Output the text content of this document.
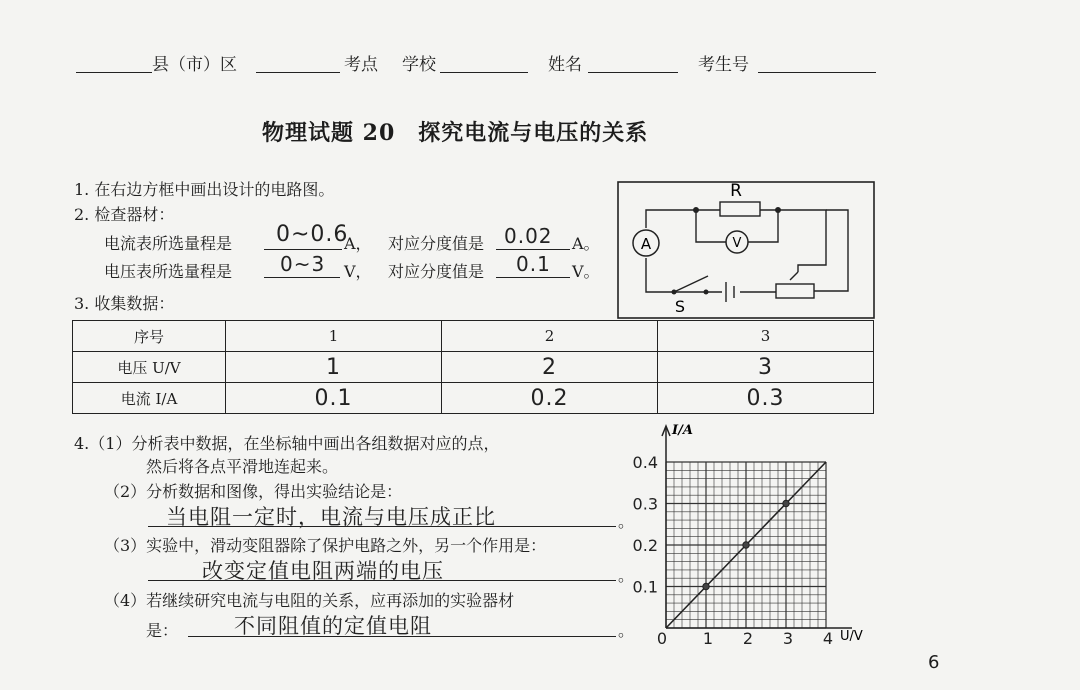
县（市）区	考点 学校	姓名	考生号
物理试题 20　探究电流与电压的关系
1. 在右边方框中画出设计的电路图。
2. 检查器材：
电流表所选量程是 0~0.6
A， 对应分度值是 0.02 A。
电压表所选量程是 0~3 V， 对应分度值是 0.1 V。
A	V
R
S
3. 收集数据：
序号	1	2	3
电压 U/V	1	2	3
电流 I/A	0.1	0.2	0.3
4.（1）分析表中数据，在坐标轴中画出各组数据对应的点，
然后将各点平滑地连起来。
（2）分析数据和图像，得出实验结论是：
当电阻一定时，电流与电压成正比	。
（3）实验中，滑动变阻器除了保护电路之外，另一个作用是：
改变定值电阻两端的电压	。
（4）若继续研究电流与电阻的关系，应再添加的实验器材
是：	不同阻值的定值电阻	。 0 1 2 3 4
0.1
0.2
0.3
0.4
I/A
U/V
6
